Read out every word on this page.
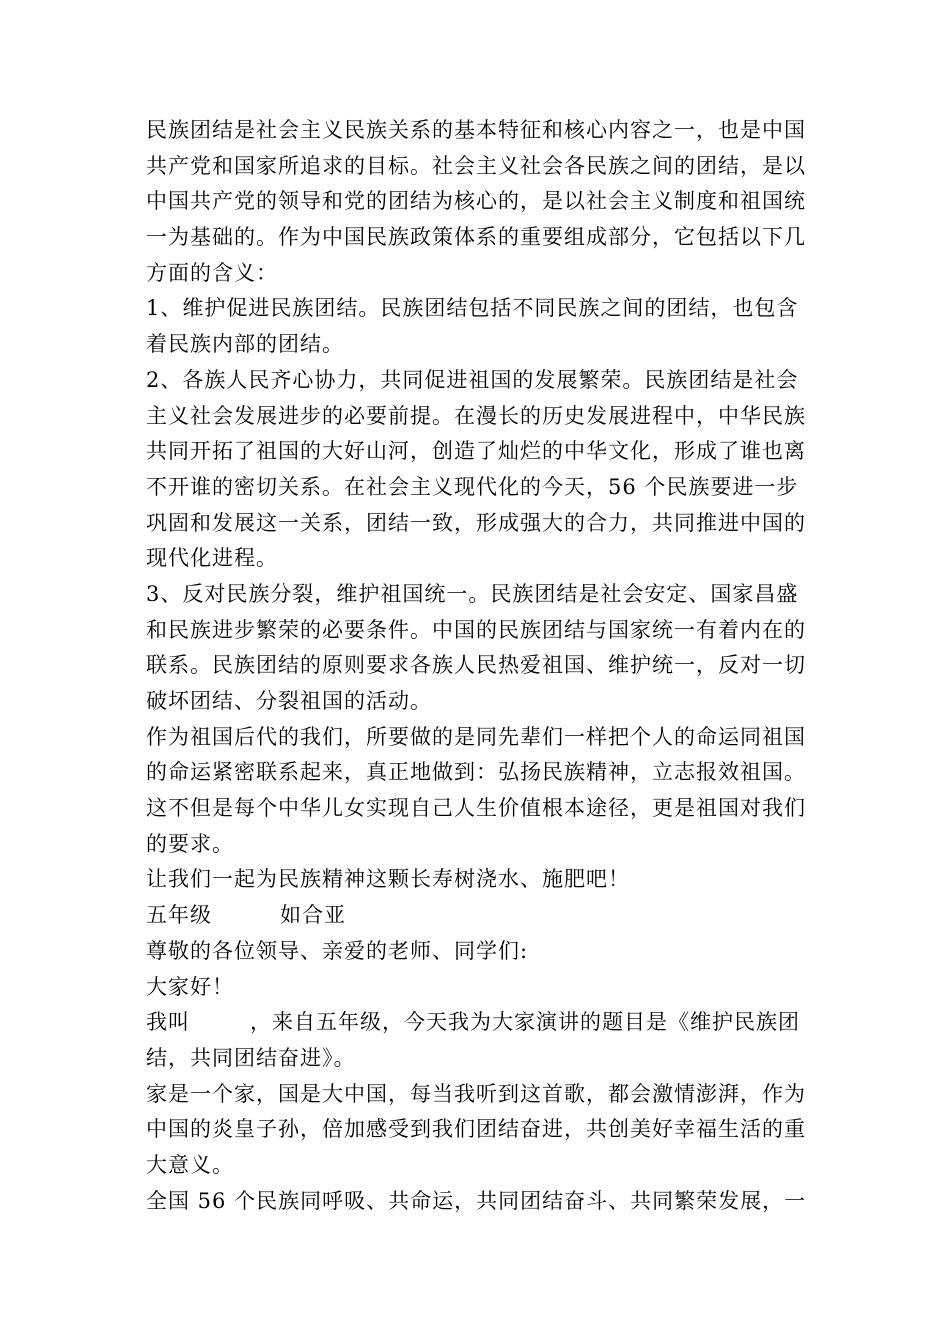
民族团结是社会主义民族关系的基本特征和核心内容之一，也是中国
共产党和国家所追求的目标。社会主义社会各民族之间的团结，是以
中国共产党的领导和党的团结为核心的，是以社会主义制度和祖国统
一为基础的。作为中国民族政策体系的重要组成部分，它包括以下几
方面的含义：
1、维护促进民族团结。民族团结包括不同民族之间的团结，也包含
着民族内部的团结。
2、各族人民齐心协力，共同促进祖国的发展繁荣。民族团结是社会
主义社会发展进步的必要前提。在漫长的历史发展进程中，中华民族
共同开拓了祖国的大好山河，创造了灿烂的中华文化，形成了谁也离
不开谁的密切关系。在社会主义现代化的今天，56 个民族要进一步
巩固和发展这一关系，团结一致，形成强大的合力，共同推进中国的
现代化进程。
3、反对民族分裂，维护祖国统一。民族团结是社会安定、国家昌盛
和民族进步繁荣的必要条件。中国的民族团结与国家统一有着内在的
联系。民族团结的原则要求各族人民热爱祖国、维护统一，反对一切
破坏团结、分裂祖国的活动。
作为祖国后代的我们，所要做的是同先辈们一样把个人的命运同祖国
的命运紧密联系起来，真正地做到：弘扬民族精神，立志报效祖国。
这不但是每个中华儿女实现自己人生价值根本途径，更是祖国对我们
的要求。
让我们一起为民族精神这颗长寿树浇水、施肥吧！
五年级	如合亚
尊敬的各位领导、亲爱的老师、同学们:
大家好！
我叫	，来自五年级，今天我为大家演讲的题目是《维护民族团
结，共同团结奋进》。
家是一个家，国是大中国，每当我听到这首歌，都会激情澎湃，作为
中国的炎皇子孙，倍加感受到我们团结奋进，共创美好幸福生活的重
大意义。
全国 56 个民族同呼吸、共命运，共同团结奋斗、共同繁荣发展，一
